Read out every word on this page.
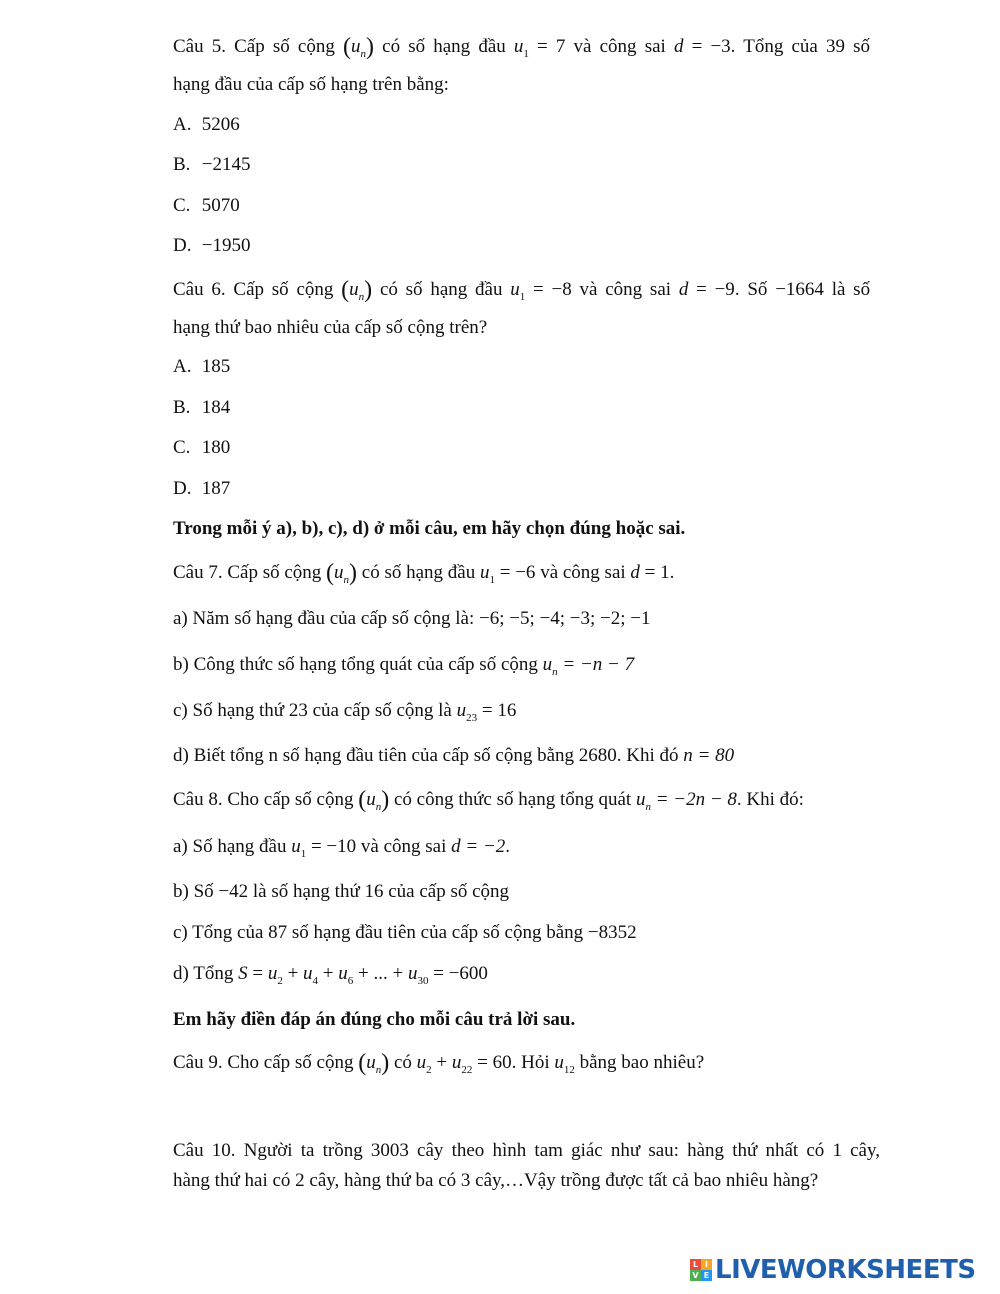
Câu 5. Cấp số cộng $(u_n)$ có số hạng đầu $u_1 = 7$ và công sai d = −3. Tổng của 39 số
hạng đầu của cấp số hạng trên bằng:
A. 5206
B. −2145
C. 5070
D. −1950
Câu 6. Cấp số cộng $(u_n)$ có số hạng đầu $u_1 = -8$ và công sai d = −9. Số −1664 là số
hạng thứ bao nhiêu của cấp số cộng trên?
A. 185
B. 184
C. 180
D. 187
Trong mỗi ý a), b), c), d) ở mỗi câu, em hãy chọn đúng hoặc sai.
Câu 7. Cấp số cộng $(u_n)$ có số hạng đầu $u_1 = -6$ và công sai d = 1.
a) Năm số hạng đầu của cấp số cộng là: −6; −5; −4; −3; −2; −1
b) Công thức số hạng tổng quát của cấp số cộng $u_n = -n - 7$
c) Số hạng thứ 23 của cấp số cộng là $u_{23} = 16$
d) Biết tổng n số hạng đầu tiên của cấp số cộng bằng 2680. Khi đó n = 80
Câu 8. Cho cấp số cộng $(u_n)$ có công thức số hạng tổng quát $u_n = -2n - 8$. Khi đó:
a) Số hạng đầu $u_1 = -10$ và công sai d = −2.
b) Số −42 là số hạng thứ 16 của cấp số cộng
c) Tổng của 87 số hạng đầu tiên của cấp số cộng bằng −8352
d) Tổng $S = u_2 + u_4 + u_6$ + ... + $u_{30} = -600$
Em hãy điền đáp án đúng cho mỗi câu trả lời sau.
Câu 9. Cho cấp số cộng $(u_n)$ có $u_2 + u_{22} = 60$. Hỏi $u_{12}$ bằng bao nhiêu?
Câu 10. Người ta trồng 3003 cây theo hình tam giác như sau: hàng thứ nhất có 1 cây,
hàng thứ hai có 2 cây, hàng thứ ba có 3 cây,…Vậy trồng được tất cả bao nhiêu hàng?
L I
V E LIVEWORKSHEETS
